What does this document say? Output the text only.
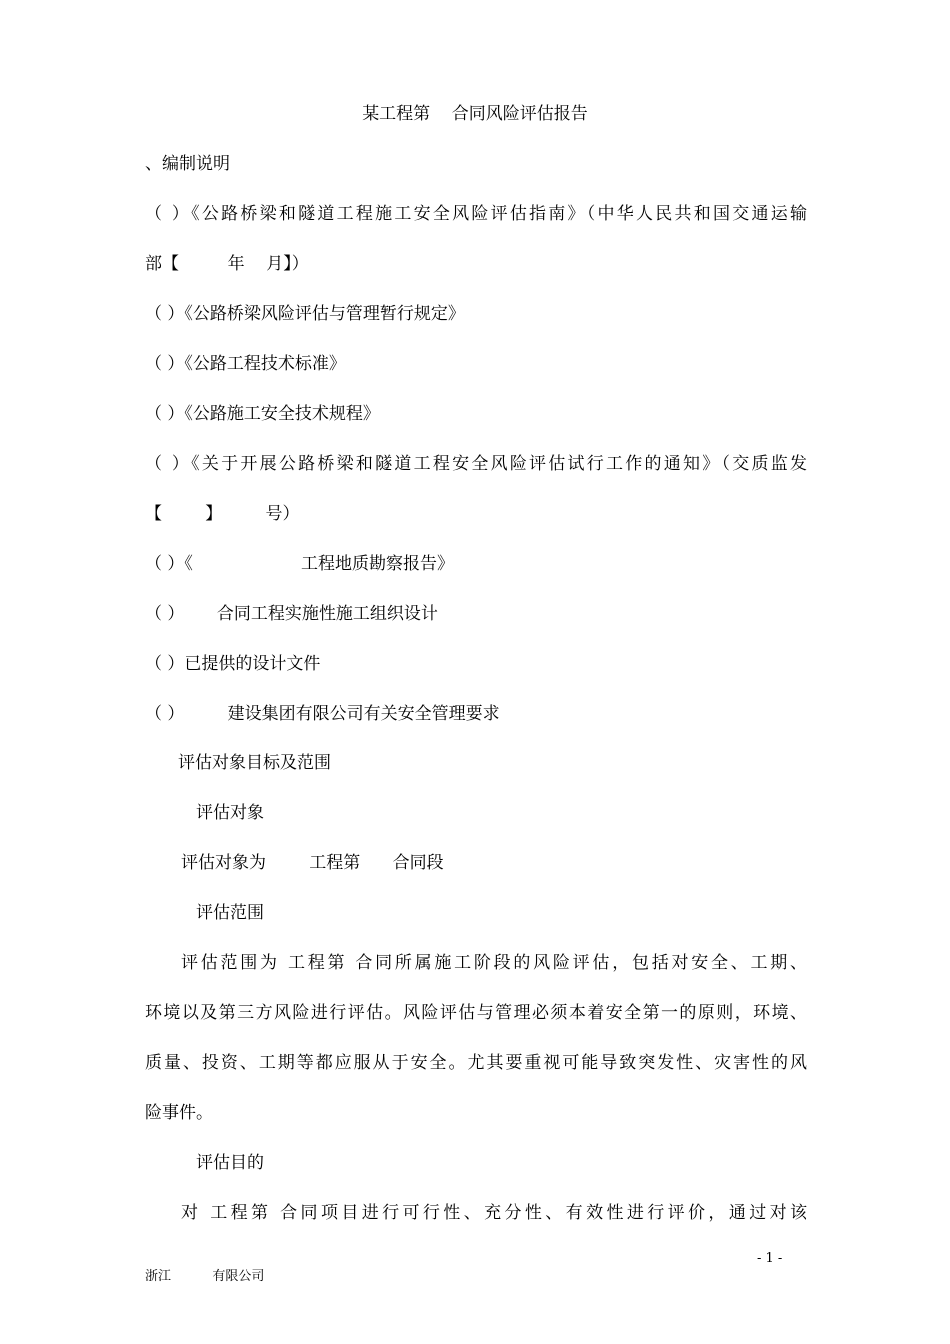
某工程第    合同风险评估报告
、编制说明
（ ）《公路桥梁和隧道工程施工安全风险评估指南》（中华人民共和国交通运输
部【         年    月】）
（ ）《公路桥梁风险评估与管理暂行规定》
（ ）《公路工程技术标准》
（ ）《公路施工安全技术规程》
（ ）《关于开展公路桥梁和隧道工程安全风险评估试行工作的通知》（交质监发
【        】        号）
（ ）《                    工程地质勘察报告》
（ ）      合同工程实施性施工组织设计
（ ）已提供的设计文件
（ ）        建设集团有限公司有关安全管理要求
评估对象目标及范围
评估对象
评估对象为        工程第      合同段
评估范围
评估范围为 工程第 合同所属施工阶段的风险评估，包括对安全、工期、
环境以及第三方风险进行评估。风险评估与管理必须本着安全第一的原则，环境、
质量、投资、工期等都应服从于安全。尤其要重视可能导致突发性、灾害性的风
险事件。
评估目的
对 工程第 合同项目进行可行性、充分性、有效性进行评价，通过对该
- 1 -
浙江          有限公司
